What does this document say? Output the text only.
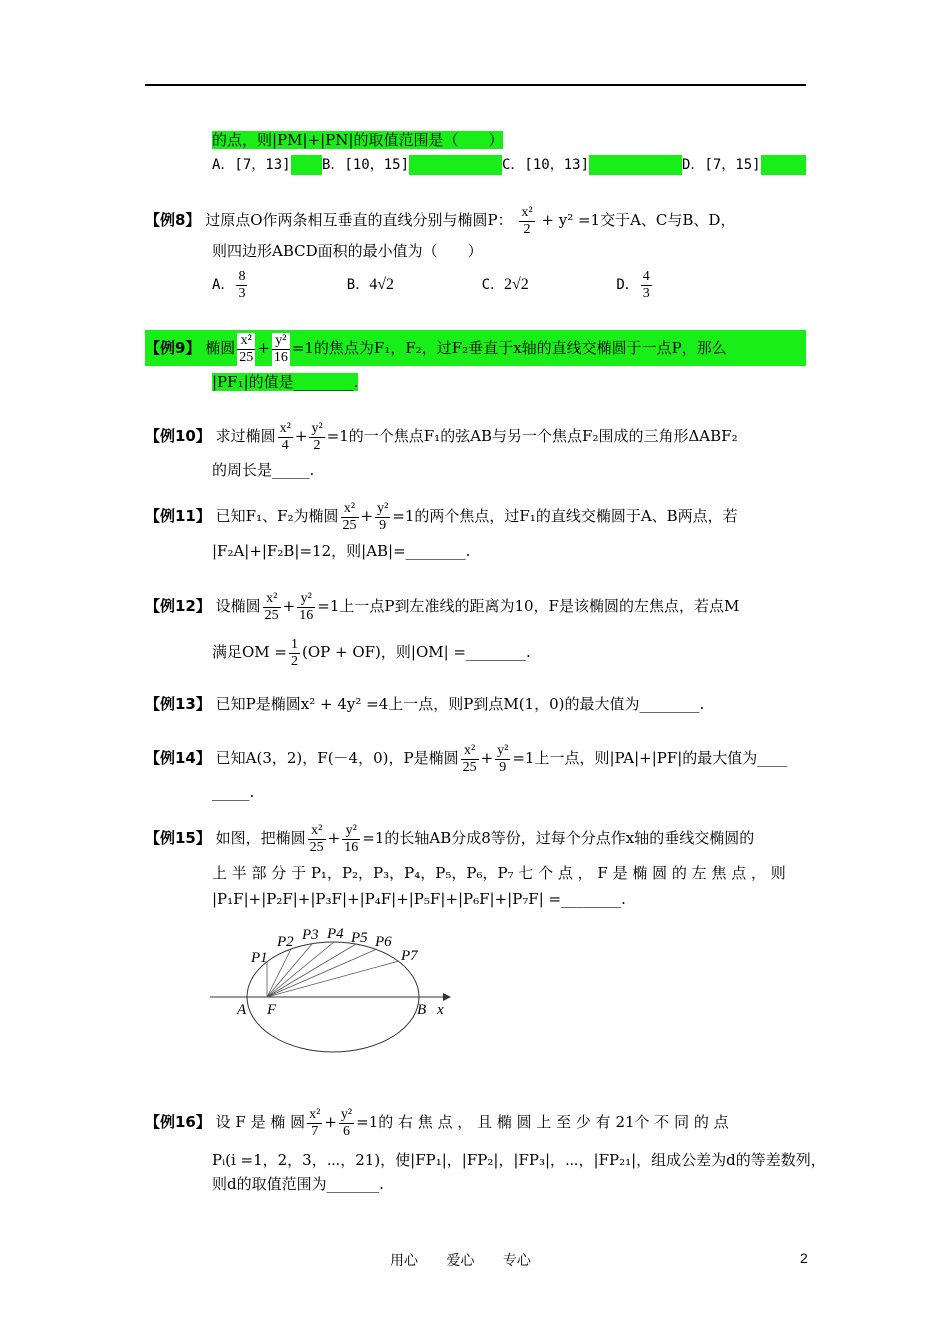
的点，则|PM|+|PN|的取值范围是（　　）
A．[7，13] B．[10，15]	C．[10，13]	D．[7，15]
【例8】 过原点O作两条相互垂直的直线分别与椭圆P： $\frac{\text{x²}}{2} + y^2 =1$交于A、C与B、D，
则四边形ABCD面积的最小值为（　　）
A． $\frac{8}{3}$	B．4√2	C．2√2	D． $\frac{4}{3}$
【例9】 椭圆 $\frac{\text{x²}}{25} + \frac{\text{y²}}{16} =1$的焦点为F₁，F₂，过F₂垂直于x轴的直线交椭圆于一点P，那么
|PF₁|的值是________.
【例10】 求过椭圆 $\frac{\text{x²}}{4} + \frac{\text{y²}}{2} =1$的一个焦点F₁的弦AB与另一个焦点F₂围成的三角形ΔABF₂
的周长是_____.
【例11】 已知F₁、F₂为椭圆 $\frac{\text{x²}}{25} + \frac{\text{y²}}{9} =1$的两个焦点，过F₁的直线交椭圆于A、B两点，若
|F₂A|+|F₂B|=12，则|AB|=________.
【例12】 设椭圆 $\frac{\text{x²}}{25} + \frac{\text{y²}}{16} =1$上一点P到左准线的距离为10，F是该椭圆的左焦点，若点M
满足OM = $\frac{1}{2} (OP + OF)$，则|OM| =________.
【例13】 已知P是椭圆x² + 4y² =4上一点，则P到点M(1，0)的最大值为________.
【例14】 已知A(3，2)，F(－4，0)，P是椭圆 $\frac{\text{x²}}{25} + \frac{\text{y²}}{9} =1$上一点，则|PA|+|PF|的最大值为____
_____.
【例15】 如图，把椭圆 $\frac{\text{x²}}{25} + \frac{\text{y²}}{16} =1$的长轴AB分成8等份，过每个分点作x轴的垂线交椭圆的
上 半 部 分 于 P₁，P₂，P₃，P₄，P₅，P₆，P₇ 七 个 点 ， F 是 椭 圆 的 左 焦 点 ， 则
|P₁F|+|P₂F|+|P₃F|+|P₄F|+|P₅F|+|P₆F|+|P₇F| =________.
P1
P2 P3 P4 P5 P6
P7
A F	B x
【例16】 设 F 是 椭 圆 $\frac{\text{x²}}{7} + \frac{\text{y²}}{6} =1$的 右 焦 点 ， 且 椭 圆 上 至 少 有 21个 不 同 的 点
Pᵢ(i =1，2，3，⋯，21)，使|FP₁|，|FP₂|，|FP₃|，⋯，|FP₂₁|，组成公差为d的等差数列，
则d的取值范围为_______.
用心 爱心 专心	2
